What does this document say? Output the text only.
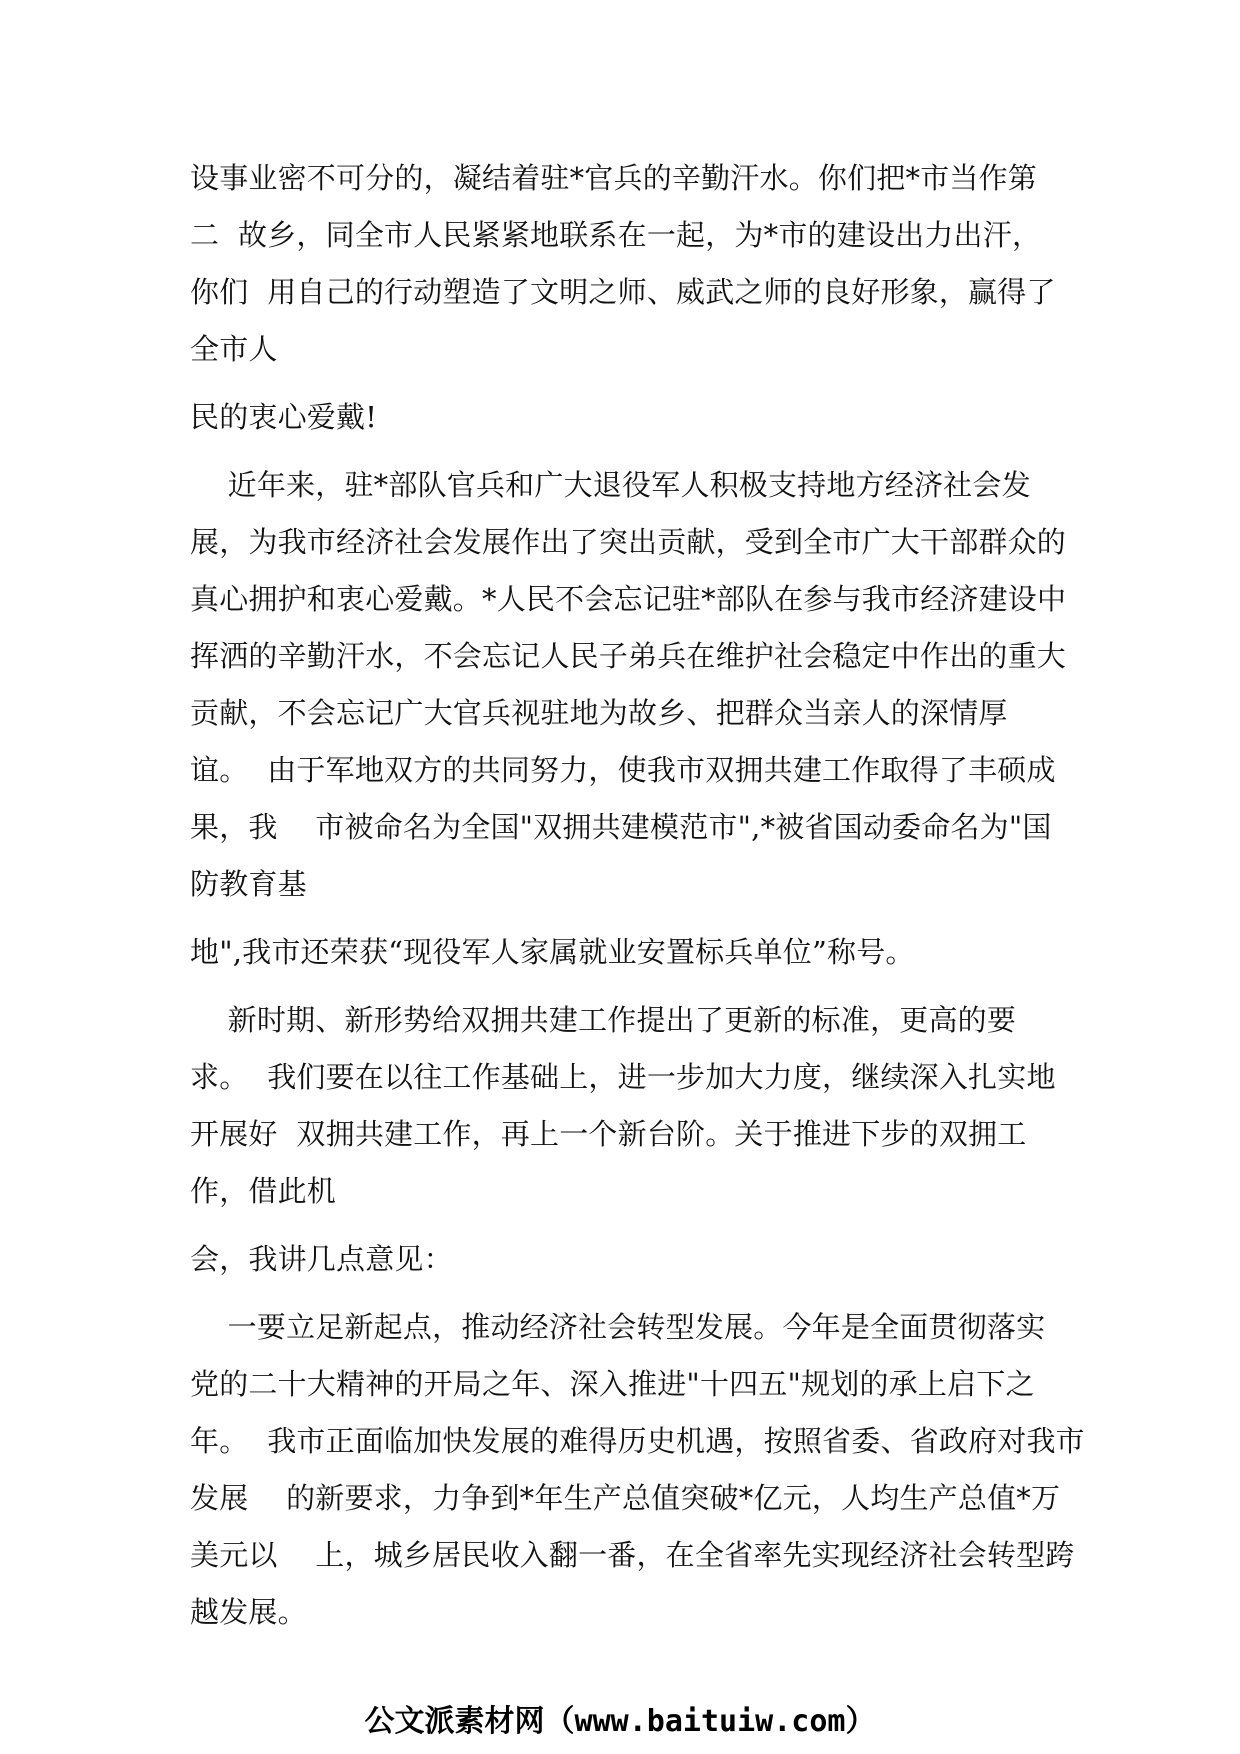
设事业密不可分的，凝结着驻*官兵的辛勤汗水。你们把*市当作第

二  故乡，同全市人民紧紧地联系在一起，为*市的建设出力出汗，

你们  用自己的行动塑造了文明之师、威武之师的良好形象，赢得了

全市人

民的衷心爱戴!

近年来，驻*部队官兵和广大退役军人积极支持地方经济社会发

展，为我市经济社会发展作出了突出贡献，受到全市广大干部群众的

真心拥护和衷心爱戴。*人民不会忘记驻*部队在参与我市经济建设中

挥洒的辛勤汗水，不会忘记人民子弟兵在维护社会稳定中作出的重大

贡献，不会忘记广大官兵视驻地为故乡、把群众当亲人的深情厚

谊。  由于军地双方的共同努力，使我市双拥共建工作取得了丰硕成

果，我    市被命名为全国"双拥共建模范市",*被省国动委命名为"国

防教育基

地",我市还荣获“现役军人家属就业安置标兵单位”称号。

新时期、新形势给双拥共建工作提出了更新的标准，更高的要

求。  我们要在以往工作基础上，进一步加大力度，继续深入扎实地

开展好  双拥共建工作，再上一个新台阶。关于推进下步的双拥工

作，借此机

会，我讲几点意见：

一要立足新起点，推动经济社会转型发展。今年是全面贯彻落实

党的二十大精神的开局之年、深入推进"十四五"规划的承上启下之

年。  我市正面临加快发展的难得历史机遇，按照省委、省政府对我市

发展    的新要求，力争到*年生产总值突破*亿元，人均生产总值*万

美元以    上，城乡居民收入翻一番，在全省率先实现经济社会转型跨

越发展。

公文派素材网（www.baituiw.com）
